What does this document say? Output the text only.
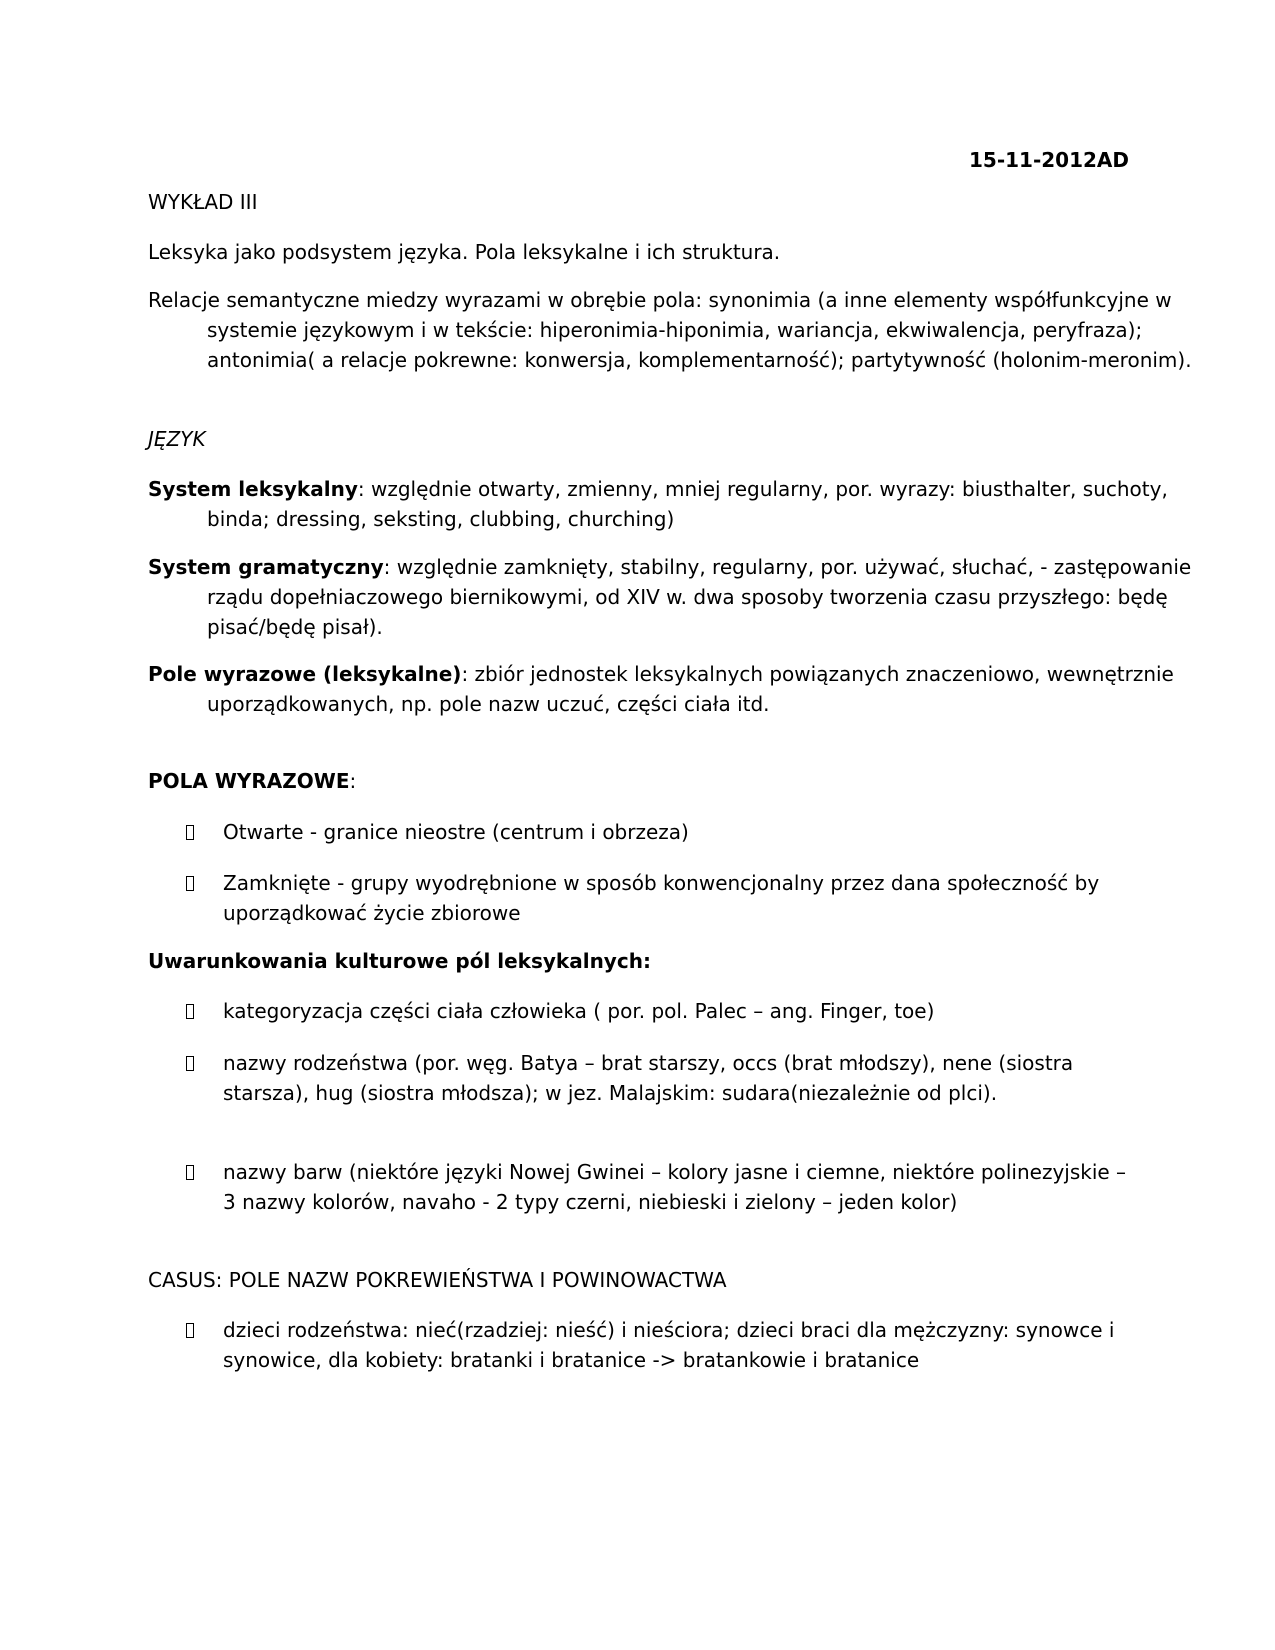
15-11-2012AD
WYKŁAD III
Leksyka jako podsystem języka. Pola leksykalne i ich struktura.
Relacje semantyczne miedzy wyrazami w obrębie pola: synonimia (a inne elementy współfunkcyjne w systemie językowym i w tekście: hiperonimia-hiponimia, wariancja, ekwiwalencja, peryfraza); antonimia( a relacje pokrewne: konwersja, komplementarność); partytywność (holonim-meronim).
JĘZYK
System leksykalny: względnie otwarty, zmienny, mniej regularny, por. wyrazy: biusthalter, suchoty, binda; dressing, seksting, clubbing, churching)
System gramatyczny: względnie zamknięty, stabilny, regularny, por. używać, słuchać, - zastępowanie rządu dopełniaczowego biernikowymi, od XIV w. dwa sposoby tworzenia czasu przyszłego: będę pisać/będę pisał).
Pole wyrazowe (leksykalne): zbiór jednostek leksykalnych powiązanych znaczeniowo, wewnętrznie uporządkowanych, np. pole nazw uczuć, części ciała itd.
POLA WYRAZOWE:
Otwarte - granice nieostre (centrum i obrzeza)
Zamknięte - grupy wyodrębnione w sposób konwencjonalny przez dana społeczność by uporządkować życie zbiorowe
Uwarunkowania kulturowe pól leksykalnych:
kategoryzacja części ciała człowieka ( por. pol. Palec – ang. Finger, toe)
nazwy rodzeństwa (por. węg. Batya – brat starszy, occs (brat młodszy), nene (siostra starsza), hug (siostra młodsza); w jez. Malajskim: sudara(niezależnie od plci).
nazwy barw (niektóre języki Nowej Gwinei – kolory jasne i ciemne, niektóre polinezyjskie – 3 nazwy kolorów, navaho - 2 typy czerni, niebieski i zielony – jeden kolor)
CASUS: POLE NAZW POKREWIEŃSTWA I POWINOWACTWA
dzieci rodzeństwa: nieć(rzadziej: nieść) i nieściora; dzieci braci dla mężczyzny: synowce i synowice, dla kobiety: bratanki i bratanice -> bratankowie i bratanice
